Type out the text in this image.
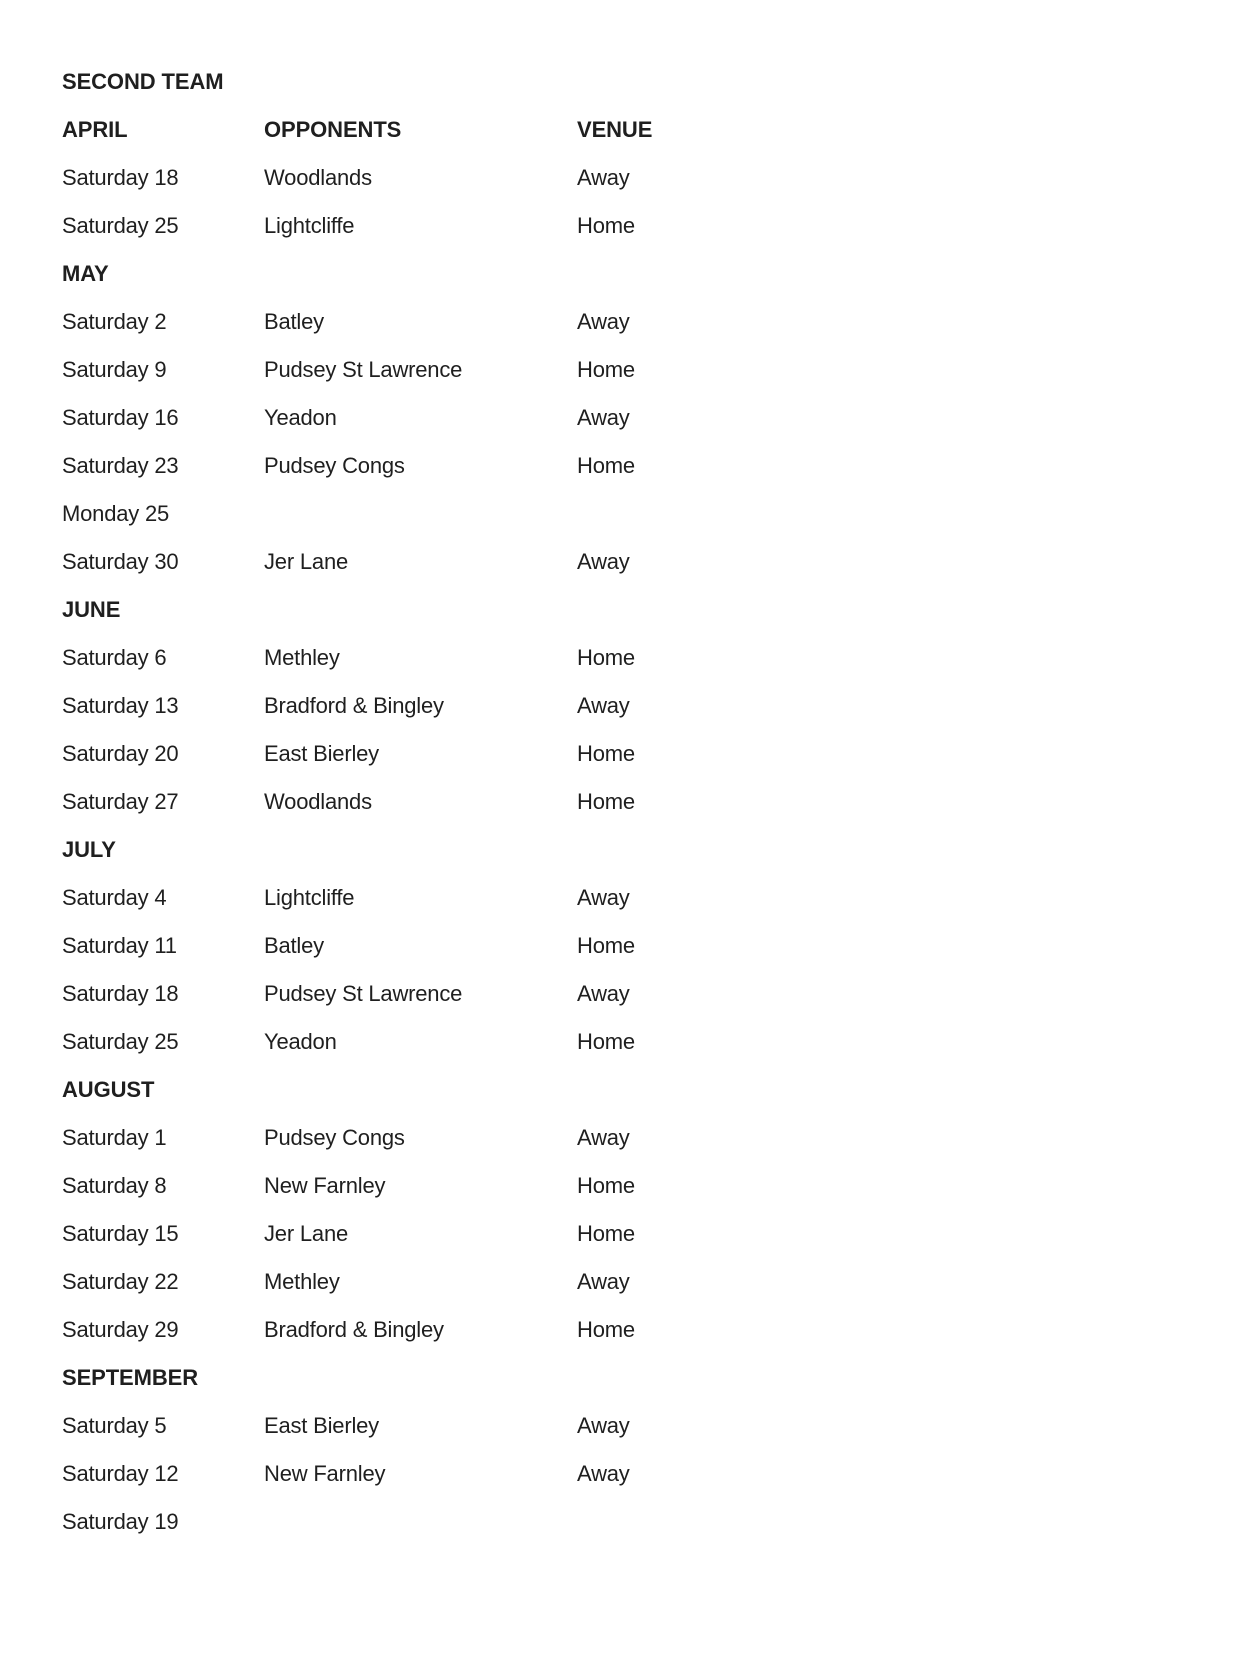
SECOND TEAM
APRIL	OPPONENTS	VENUE
Saturday 18	Woodlands	Away
Saturday 25	Lightcliffe	Home
MAY
Saturday 2	Batley	Away
Saturday 9	Pudsey St Lawrence	Home
Saturday 16	Yeadon	Away
Saturday 23	Pudsey Congs	Home
Monday 25
Saturday 30	Jer Lane	Away
JUNE
Saturday 6	Methley	Home
Saturday 13	Bradford & Bingley	Away
Saturday 20	East Bierley	Home
Saturday 27	Woodlands	Home
JULY
Saturday 4	Lightcliffe	Away
Saturday 11	Batley	Home
Saturday 18	Pudsey St Lawrence	Away
Saturday 25	Yeadon	Home
AUGUST
Saturday 1	Pudsey Congs	Away
Saturday 8	New Farnley	Home
Saturday 15	Jer Lane	Home
Saturday 22	Methley	Away
Saturday 29	Bradford & Bingley	Home
SEPTEMBER
Saturday 5	East Bierley	Away
Saturday 12	New Farnley	Away
Saturday 19
